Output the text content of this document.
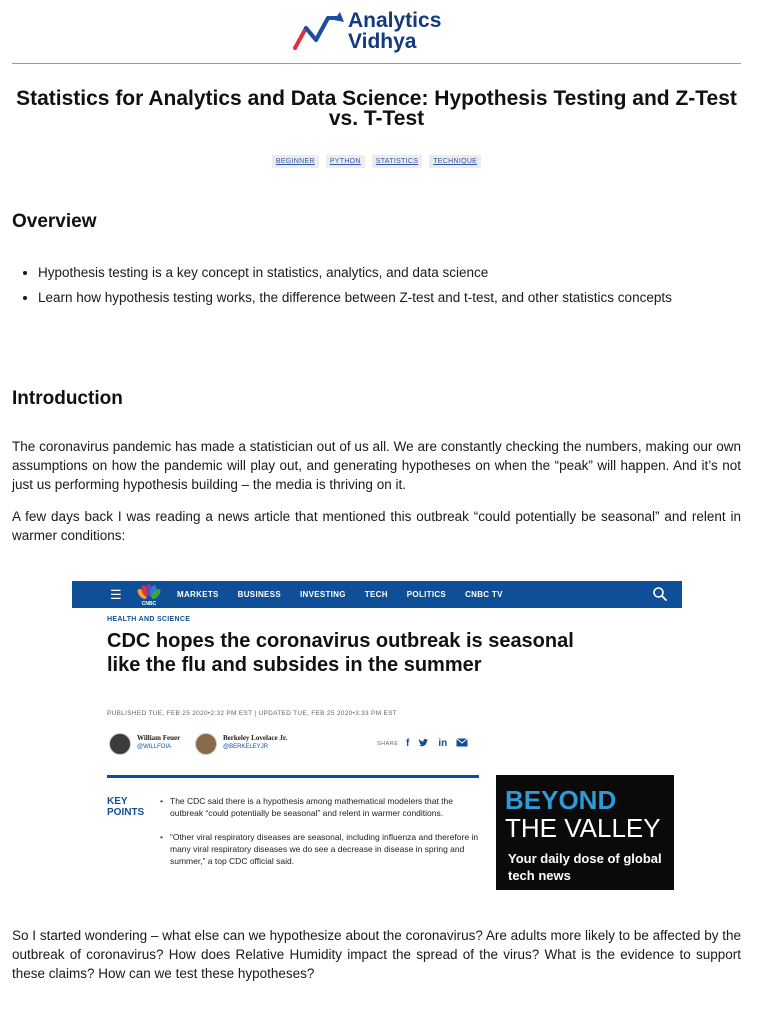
Analytics
Vidhya
Statistics for Analytics and Data Science: Hypothesis Testing and Z-Test vs. T-Test
BEGINNER	PYTHON	STATISTICS	TECHNIQUE
Overview
• Hypothesis testing is a key concept in statistics, analytics, and data science
• Learn how hypothesis testing works, the difference between Z-test and t-test, and other statistics concepts
Introduction

The coronavirus pandemic has made a statistician out of us all. We are constantly checking the numbers, making our own assumptions on how the pandemic will play out, and generating hypotheses on when the “peak” will happen. And it’s not just us performing hypothesis building – the media is thriving on it.

A few days back I was reading a news article that mentioned this outbreak “could potentially be seasonal” and relent in warmer conditions:

☰
CNBC
MARKETS BUSINESS INVESTING TECH POLITICS CNBC TV
HEALTH AND SCIENCE
CDC hopes the coronavirus outbreak is seasonal like the flu and subsides in the summer
PUBLISHED TUE, FEB 25 2020•2:32 PM EST | UPDATED TUE, FEB 25 2020•3:33 PM EST
William Feuer
@WILLFOIA
Berkeley Lovelace Jr.
@BERKELEYJR	SHARE f	in
KEY POINTS
• The CDC said there is a hypothesis among mathematical modelers that the outbreak “could potentially be seasonal” and relent in warmer conditions.
• “Other viral respiratory diseases are seasonal, including influenza and therefore in many viral respiratory diseases we do see a decrease in disease in spring and summer,” a top CDC official said.
BEYOND
THE VALLEY
Your daily dose of global tech news

So I started wondering – what else can we hypothesize about the coronavirus? Are adults more likely to be affected by the outbreak of coronavirus? How does Relative Humidity impact the spread of the virus? What is the evidence to support these claims? How can we test these hypotheses?
